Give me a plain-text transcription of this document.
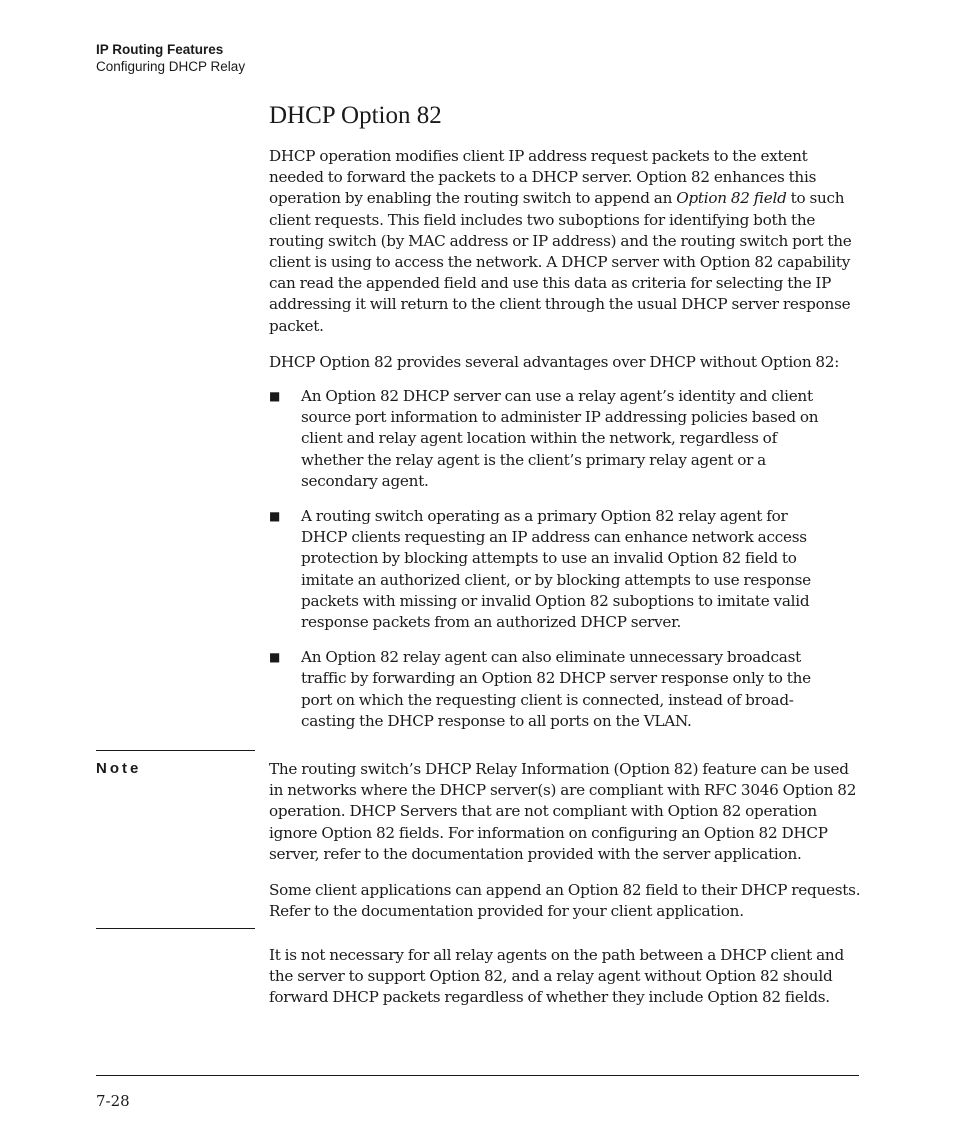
IP Routing Features
Configuring DHCP Relay
DHCP Option 82

DHCP operation modifies client IP address request packets to the extent needed to forward the packets to a DHCP server. Option 82 enhances this operation by enabling the routing switch to append an Option 82 field to such client requests. This field includes two suboptions for identifying both the routing switch (by MAC address or IP address) and the routing switch port the client is using to access the network. A DHCP server with Option 82 capability can read the appended field and use this data as criteria for selecting the IP addressing it will return to the client through the usual DHCP server response packet.

DHCP Option 82 provides several advantages over DHCP without Option 82:

■ An Option 82 DHCP server can use a relay agent’s identity and client source port information to administer IP addressing policies based on client and relay agent location within the network, regardless of whether the relay agent is the client’s primary relay agent or a secondary agent.
■ A routing switch operating as a primary Option 82 relay agent for DHCP clients requesting an IP address can enhance network access protection by blocking attempts to use an invalid Option 82 field to imitate an authorized client, or by blocking attempts to use response packets with missing or invalid Option 82 suboptions to imitate valid response packets from an authorized DHCP server.
■ An Option 82 relay agent can also eliminate unnecessary broadcast traffic by forwarding an Option 82 DHCP server response only to the port on which the requesting client is connected, instead of broad-casting the DHCP response to all ports on the VLAN.
Note	The routing switch’s DHCP Relay Information (Option 82) feature can be used in networks where the DHCP server(s) are compliant with RFC 3046 Option 82 operation. DHCP Servers that are not compliant with Option 82 operation ignore Option 82 fields. For information on configuring an Option 82 DHCP server, refer to the documentation provided with the server application.

Some client applications can append an Option 82 field to their DHCP requests. Refer to the documentation provided for your client application.

It is not necessary for all relay agents on the path between a DHCP client and the server to support Option 82, and a relay agent without Option 82 should forward DHCP packets regardless of whether they include Option 82 fields.

7-28
